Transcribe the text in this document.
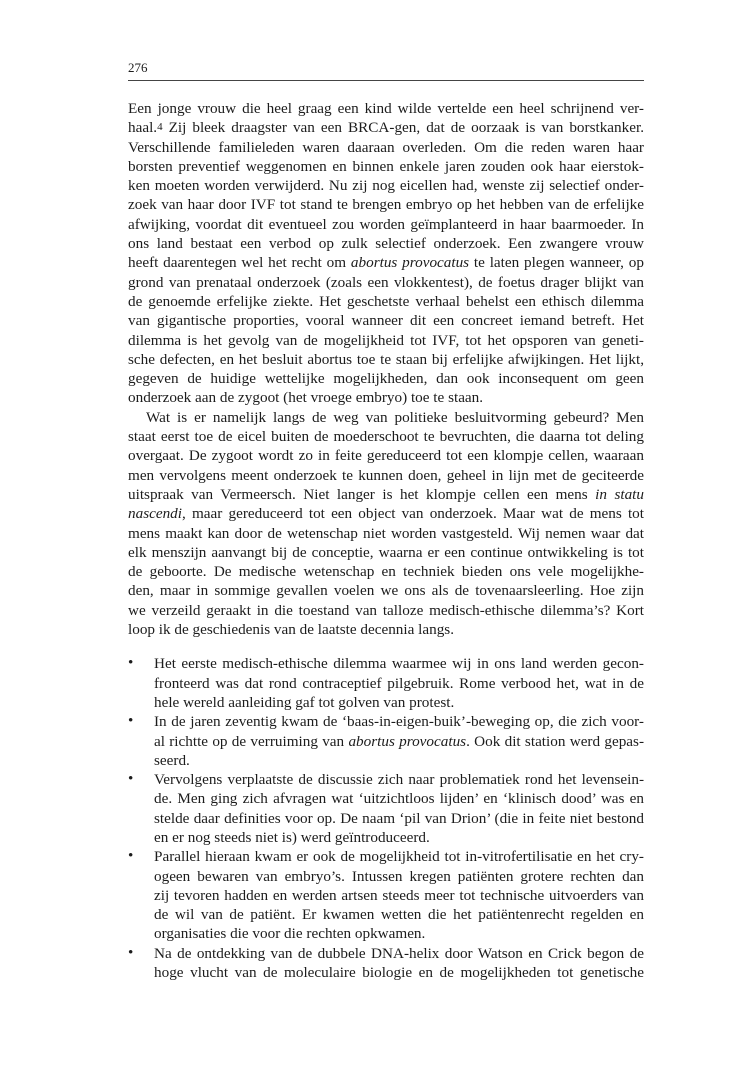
276
Een jonge vrouw die heel graag een kind wilde vertelde een heel schrijnend ver-
haal.$^4$ Zij bleek draagster van een BRCA-gen, dat de oorzaak is van borstkanker.
Verschillende familieleden waren daaraan overleden. Om die reden waren haar
borsten preventief weggenomen en binnen enkele jaren zouden ook haar eierstok-
ken moeten worden verwijderd. Nu zij nog eicellen had, wenste zij selectief onder-
zoek van haar door IVF tot stand te brengen embryo op het hebben van de erfelijke
afwijking, voordat dit eventueel zou worden geïmplanteerd in haar baarmoeder. In
ons land bestaat een verbod op zulk selectief onderzoek. Een zwangere vrouw
heeft daarentegen wel het recht om abortus provocatus te laten plegen wanneer, op
grond van prenataal onderzoek (zoals een vlokkentest), de foetus drager blijkt van
de genoemde erfelijke ziekte. Het geschetste verhaal behelst een ethisch dilemma
van gigantische proporties, vooral wanneer dit een concreet iemand betreft. Het
dilemma is het gevolg van de mogelijkheid tot IVF, tot het opsporen van geneti-
sche defecten, en het besluit abortus toe te staan bij erfelijke afwijkingen. Het lijkt,
gegeven de huidige wettelijke mogelijkheden, dan ook inconsequent om geen
onderzoek aan de zygoot (het vroege embryo) toe te staan.
Wat is er namelijk langs de weg van politieke besluitvorming gebeurd? Men
staat eerst toe de eicel buiten de moederschoot te bevruchten, die daarna tot deling
overgaat. De zygoot wordt zo in feite gereduceerd tot een klompje cellen, waaraan
men vervolgens meent onderzoek te kunnen doen, geheel in lijn met de geciteerde
uitspraak van Vermeersch. Niet langer is het klompje cellen een mens in statu
nascendi, maar gereduceerd tot een object van onderzoek. Maar wat de mens tot
mens maakt kan door de wetenschap niet worden vastgesteld. Wij nemen waar dat
elk menszijn aanvangt bij de conceptie, waarna er een continue ontwikkeling is tot
de geboorte. De medische wetenschap en techniek bieden ons vele mogelijkhe-
den, maar in sommige gevallen voelen we ons als de tovenaarsleerling. Hoe zijn
we verzeild geraakt in die toestand van talloze medisch-ethische dilemma’s? Kort
loop ik de geschiedenis van de laatste decennia langs.
•	Het eerste medisch-ethische dilemma waarmee wij in ons land werden gecon-
fronteerd was dat rond contraceptief pilgebruik. Rome verbood het, wat in de
hele wereld aanleiding gaf tot golven van protest.
•	In de jaren zeventig kwam de ‘baas-in-eigen-buik’-beweging op, die zich voor-
al richtte op de verruiming van abortus provocatus. Ook dit station werd gepas-
seerd.
•	Vervolgens verplaatste de discussie zich naar problematiek rond het levensein-
de. Men ging zich afvragen wat ‘uitzichtloos lijden’ en ‘klinisch dood’ was en
stelde daar definities voor op. De naam ‘pil van Drion’ (die in feite niet bestond
en er nog steeds niet is) werd geïntroduceerd.
•	Parallel hieraan kwam er ook de mogelijkheid tot in-vitrofertilisatie en het cry-
ogeen bewaren van embryo’s. Intussen kregen patiënten grotere rechten dan
zij tevoren hadden en werden artsen steeds meer tot technische uitvoerders van
de wil van de patiënt. Er kwamen wetten die het patiëntenrecht regelden en
organisaties die voor die rechten opkwamen.
•	Na de ontdekking van de dubbele DNA-helix door Watson en Crick begon de
hoge vlucht van de moleculaire biologie en de mogelijkheden tot genetische
